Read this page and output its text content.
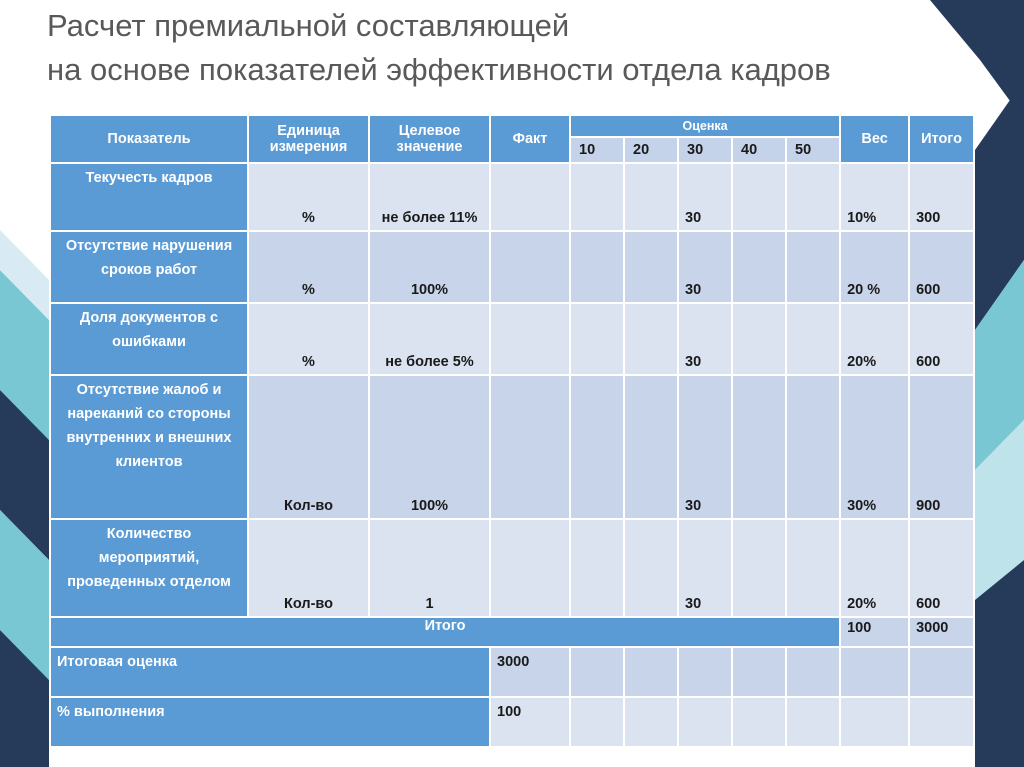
Расчет премиальной составляющей
на основе показателей эффективности отдела кадров
Показатель	Единица измерения	Целевое значение	Факт	Оценка					Вес	Итого
				10	20	30	40	50		
Текучесть кадров	%	не более 11%				30			10%	300
Отсутствие нарушения сроков работ	%	100%				30			20 %	600
Доля документов с ошибками	%	не более 5%				30			20%	600
Отсутствие жалоб и нареканий со стороны внутренних и внешних клиентов	Кол-во	100%				30			30%	900
Количество мероприятий, проведенных отделом	Кол-во	1				30			20%	600
Итого									100	3000
Итоговая оценка			3000							
% выполнения			100							
